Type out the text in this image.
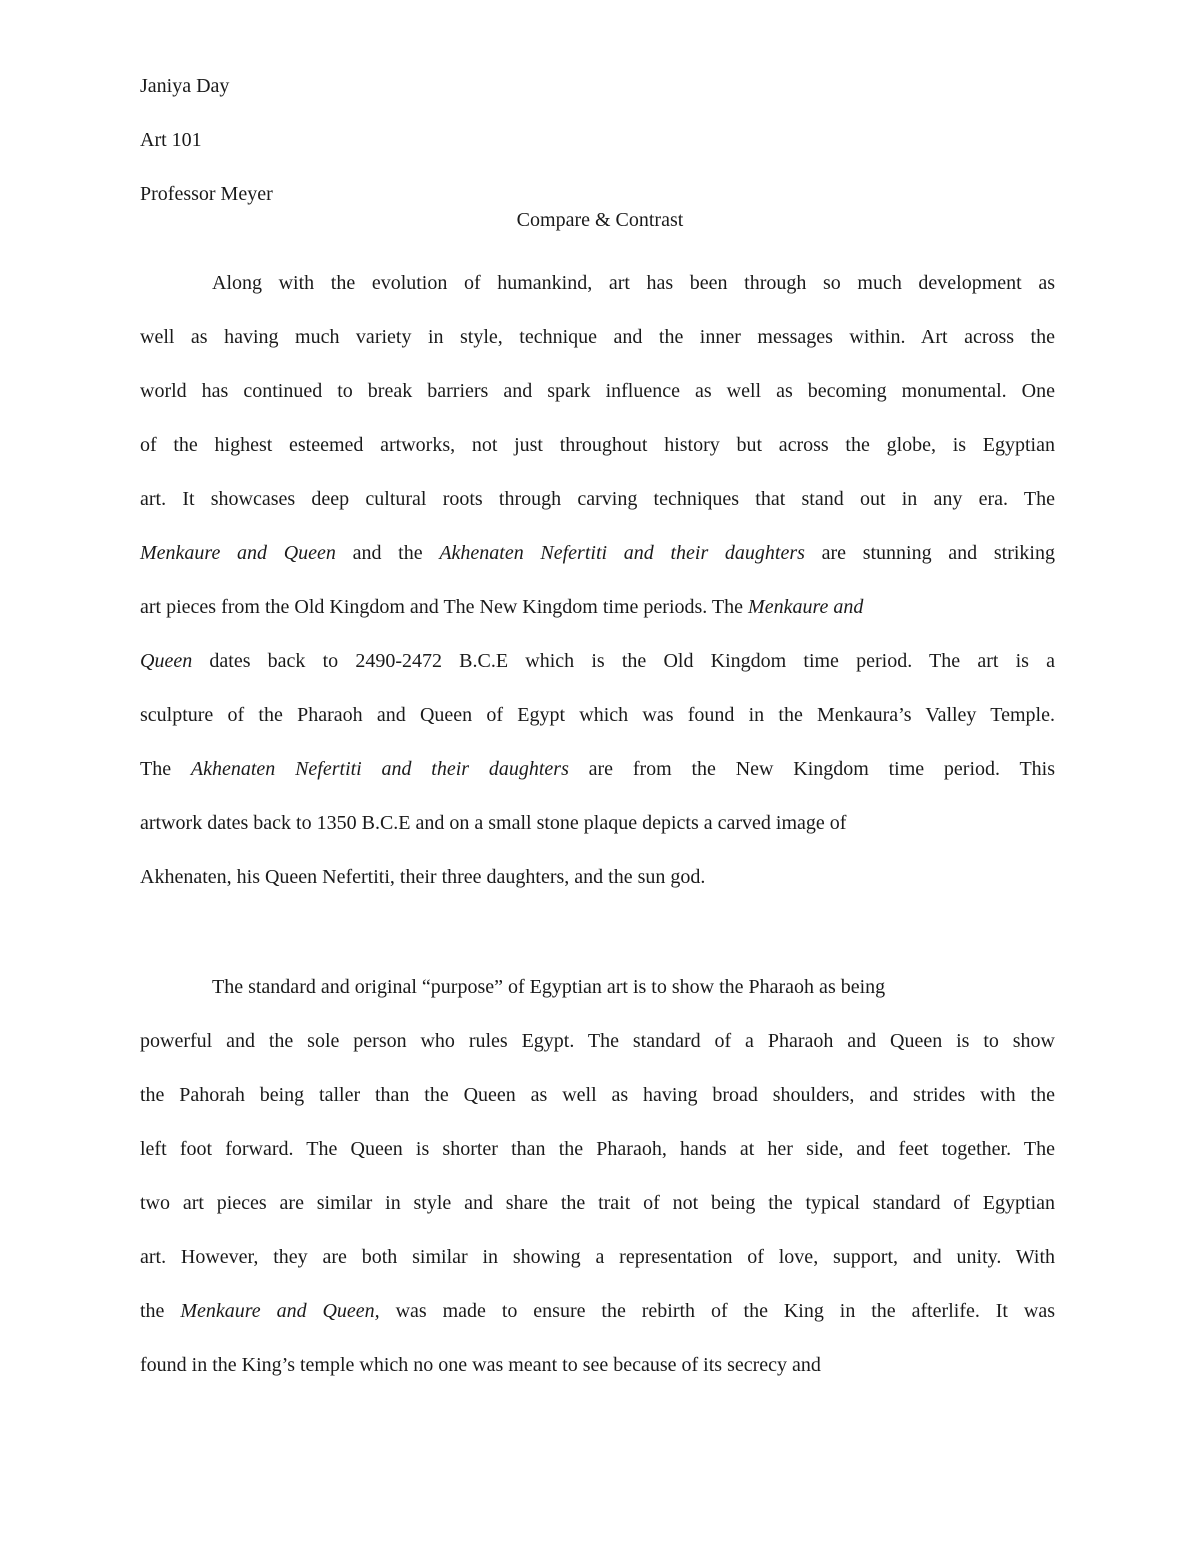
Janiya Day
Art 101
Professor Meyer
Compare & Contrast
Along with the evolution of humankind, art has been through so much development as
well as having much variety in style, technique and the inner messages within. Art across the
world has continued to break barriers and spark influence as well as becoming monumental. One
of the highest esteemed artworks, not just throughout history but across the globe, is Egyptian
art. It showcases deep cultural roots through carving techniques that stand out in any era. The
Menkaure and Queen and the Akhenaten Nefertiti and their daughters are stunning and striking
art pieces from the Old Kingdom and The New Kingdom time periods. The Menkaure and
Queen dates back to 2490-2472 B.C.E which is the Old Kingdom time period. The art is a
sculpture of the Pharaoh and Queen of Egypt which was found in the Menkaura’s Valley Temple.
The Akhenaten Nefertiti and their daughters are from the New Kingdom time period. This
artwork dates back to 1350 B.C.E and on a small stone plaque depicts a carved image of
Akhenaten, his Queen Nefertiti, their three daughters, and the sun god.
The standard and original “purpose” of Egyptian art is to show the Pharaoh as being
powerful and the sole person who rules Egypt. The standard of a Pharaoh and Queen is to show
the Pahorah being taller than the Queen as well as having broad shoulders, and strides with the
left foot forward. The Queen is shorter than the Pharaoh, hands at her side, and feet together. The
two art pieces are similar in style and share the trait of not being the typical standard of Egyptian
art. However, they are both similar in showing a representation of love, support, and unity. With
the Menkaure and Queen, was made to ensure the rebirth of the King in the afterlife. It was
found in the King’s temple which no one was meant to see because of its secrecy and
